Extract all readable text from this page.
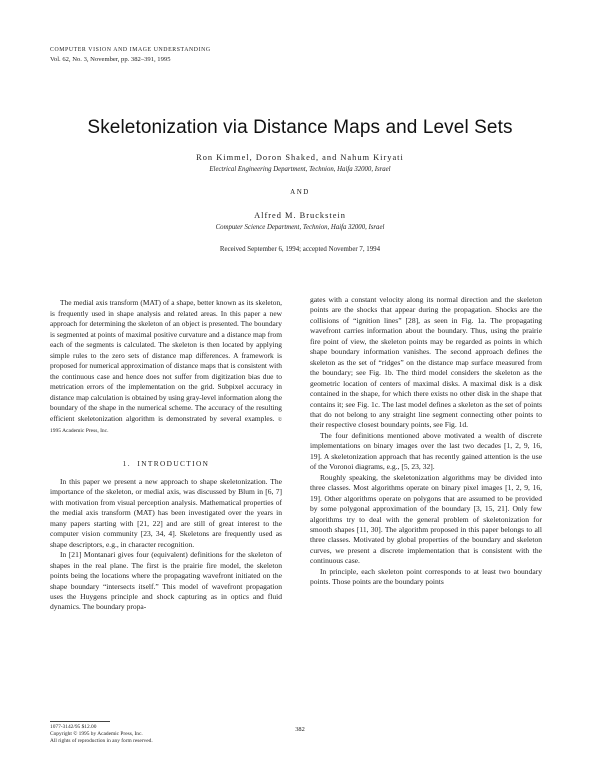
COMPUTER VISION AND IMAGE UNDERSTANDING
Vol. 62, No. 3, November, pp. 382–391, 1995
Skeletonization via Distance Maps and Level Sets
Ron Kimmel, Doron Shaked, and Nahum Kiryati
Electrical Engineering Department, Technion, Haifa 32000, Israel
AND
Alfred M. Bruckstein
Computer Science Department, Technion, Haifa 32000, Israel
Received September 6, 1994; accepted November 7, 1994

The medial axis transform (MAT) of a shape, better known as its skeleton, is frequently used in shape analysis and related areas. In this paper a new approach for determining the skeleton of an object is presented. The boundary is segmented at points of maximal positive curvature and a distance map from each of the segments is calculated. The skeleton is then located by applying simple rules to the zero sets of distance map differences. A framework is proposed for numerical approximation of distance maps that is consistent with the continuous case and hence does not suffer from digitization bias due to metrication errors of the implementation on the grid. Subpixel accuracy in distance map calculation is obtained by using gray-level information along the boundary of the shape in the numerical scheme. The accuracy of the resulting efficient skeletonization algorithm is demonstrated by several examples. © 1995 Academic Press, Inc.

1. INTRODUCTION

In this paper we present a new approach to shape skeletonization. The importance of the skeleton, or medial axis, was discussed by Blum in [6, 7] with motivation from visual perception analysis. Mathematical properties of the medial axis transform (MAT) has been investigated over the years in many papers starting with [21, 22] and are still of great interest to the computer vision community [23, 34, 4]. Skeletons are frequently used as shape descriptors, e.g., in character recognition.

In [21] Montanari gives four (equivalent) definitions for the skeleton of shapes in the real plane. The first is the prairie fire model, the skeleton points being the locations where the propagating wavefront initiated on the shape boundary “intersects itself.” This model of wavefront propagation uses the Huygens principle and shock capturing as in optics and fluid dynamics. The boundary propa-

gates with a constant velocity along its normal direction and the skeleton points are the shocks that appear during the propagation. Shocks are the collisions of “ignition lines” [28], as seen in Fig. 1a. The propagating wavefront carries information about the boundary. Thus, using the prairie fire point of view, the skeleton points may be regarded as points in which shape boundary information vanishes. The second approach defines the skeleton as the set of “ridges” on the distance map surface measured from the boundary; see Fig. 1b. The third model considers the skeleton as the geometric location of centers of maximal disks. A maximal disk is a disk contained in the shape, for which there exists no other disk in the shape that contains it; see Fig. 1c. The last model defines a skeleton as the set of points that do not belong to any straight line segment connecting other points to their respective closest boundary points, see Fig. 1d.

The four definitions mentioned above motivated a wealth of discrete implementations on binary images over the last two decades [1, 2, 9, 16, 19]. A skeletonization approach that has recently gained attention is the use of the Voronoi diagrams, e.g., [5, 23, 32].

Roughly speaking, the skeletonization algorithms may be divided into three classes. Most algorithms operate on binary pixel images [1, 2, 9, 16, 19]. Other algorithms operate on polygons that are assumed to be provided by some polygonal approximation of the boundary [3, 15, 21]. Only few algorithms try to deal with the general problem of skeletonization for smooth shapes [11, 30]. The algorithm proposed in this paper belongs to all three classes. Motivated by global properties of the boundary and skeleton curves, we present a discrete implementation that is consistent with the continuous case.

In principle, each skeleton point corresponds to at least two boundary points. Those points are the boundary points

1077-3142/95 $12.00
Copyright © 1995 by Academic Press, Inc.
All rights of reproduction in any form reserved.
382
